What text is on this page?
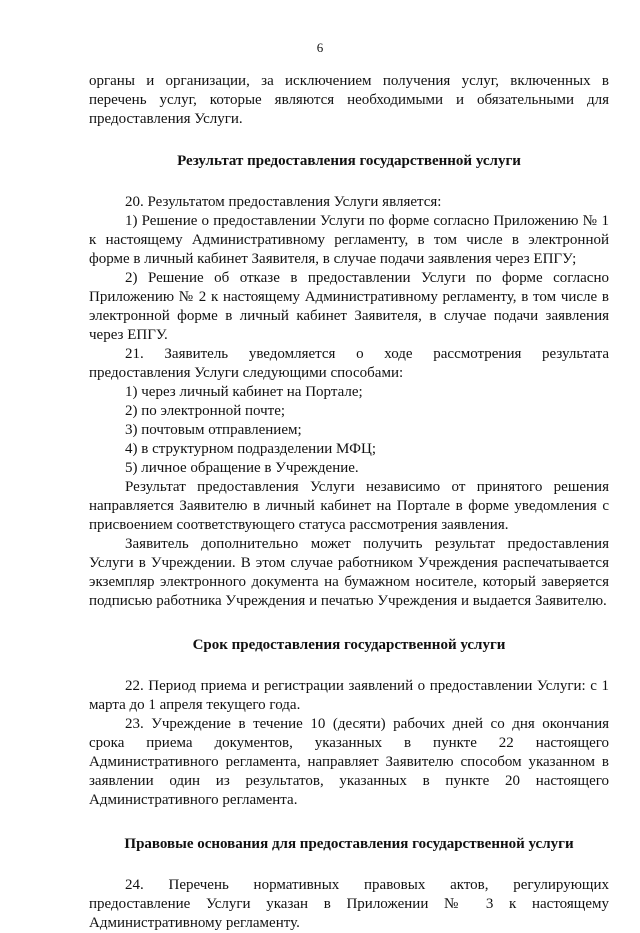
6

органы и организации, за исключением получения услуг, включенных в перечень услуг, которые являются необходимыми и обязательными для предоставления Услуги.

Результат предоставления государственной услуги

20. Результатом предоставления Услуги является:

1) Решение о предоставлении Услуги по форме согласно Приложению № 1 к настоящему Административному регламенту, в том числе в электронной форме в личный кабинет Заявителя, в случае подачи заявления через ЕПГУ;

2) Решение об отказе в предоставлении Услуги по форме согласно Приложению № 2 к настоящему Административному регламенту, в том числе в электронной форме в личный кабинет Заявителя, в случае подачи заявления через ЕПГУ.

21. Заявитель уведомляется о ходе рассмотрения результата

предоставления Услуги следующими способами:

1) через личный кабинет на Портале;

2) по электронной почте;

3) почтовым отправлением;

4) в структурном подразделении МФЦ;

5) личное обращение в Учреждение.

Результат предоставления Услуги независимо от принятого решения направляется Заявителю в личный кабинет на Портале в форме уведомления с присвоением соответствующего статуса рассмотрения заявления.

Заявитель дополнительно может получить результат предоставления Услуги в Учреждении. В этом случае работником Учреждения распечатывается экземпляр электронного документа на бумажном носителе, который заверяется подписью работника Учреждения и печатью Учреждения и выдается Заявителю.

Срок предоставления государственной услуги

22. Период приема и регистрации заявлений о предоставлении Услуги: с 1 марта до 1 апреля текущего года.

23. Учреждение в течение 10 (десяти) рабочих дней со дня окончания срока приема документов, указанных в пункте 22 настоящего Административного регламента, направляет Заявителю способом указанном в заявлении один из результатов, указанных в пункте 20 настоящего Административного регламента.

Правовые основания для предоставления государственной услуги

24. Перечень нормативных правовых актов, регулирующих предоставление Услуги указан в Приложении № 3 к настоящему Административному регламенту.
